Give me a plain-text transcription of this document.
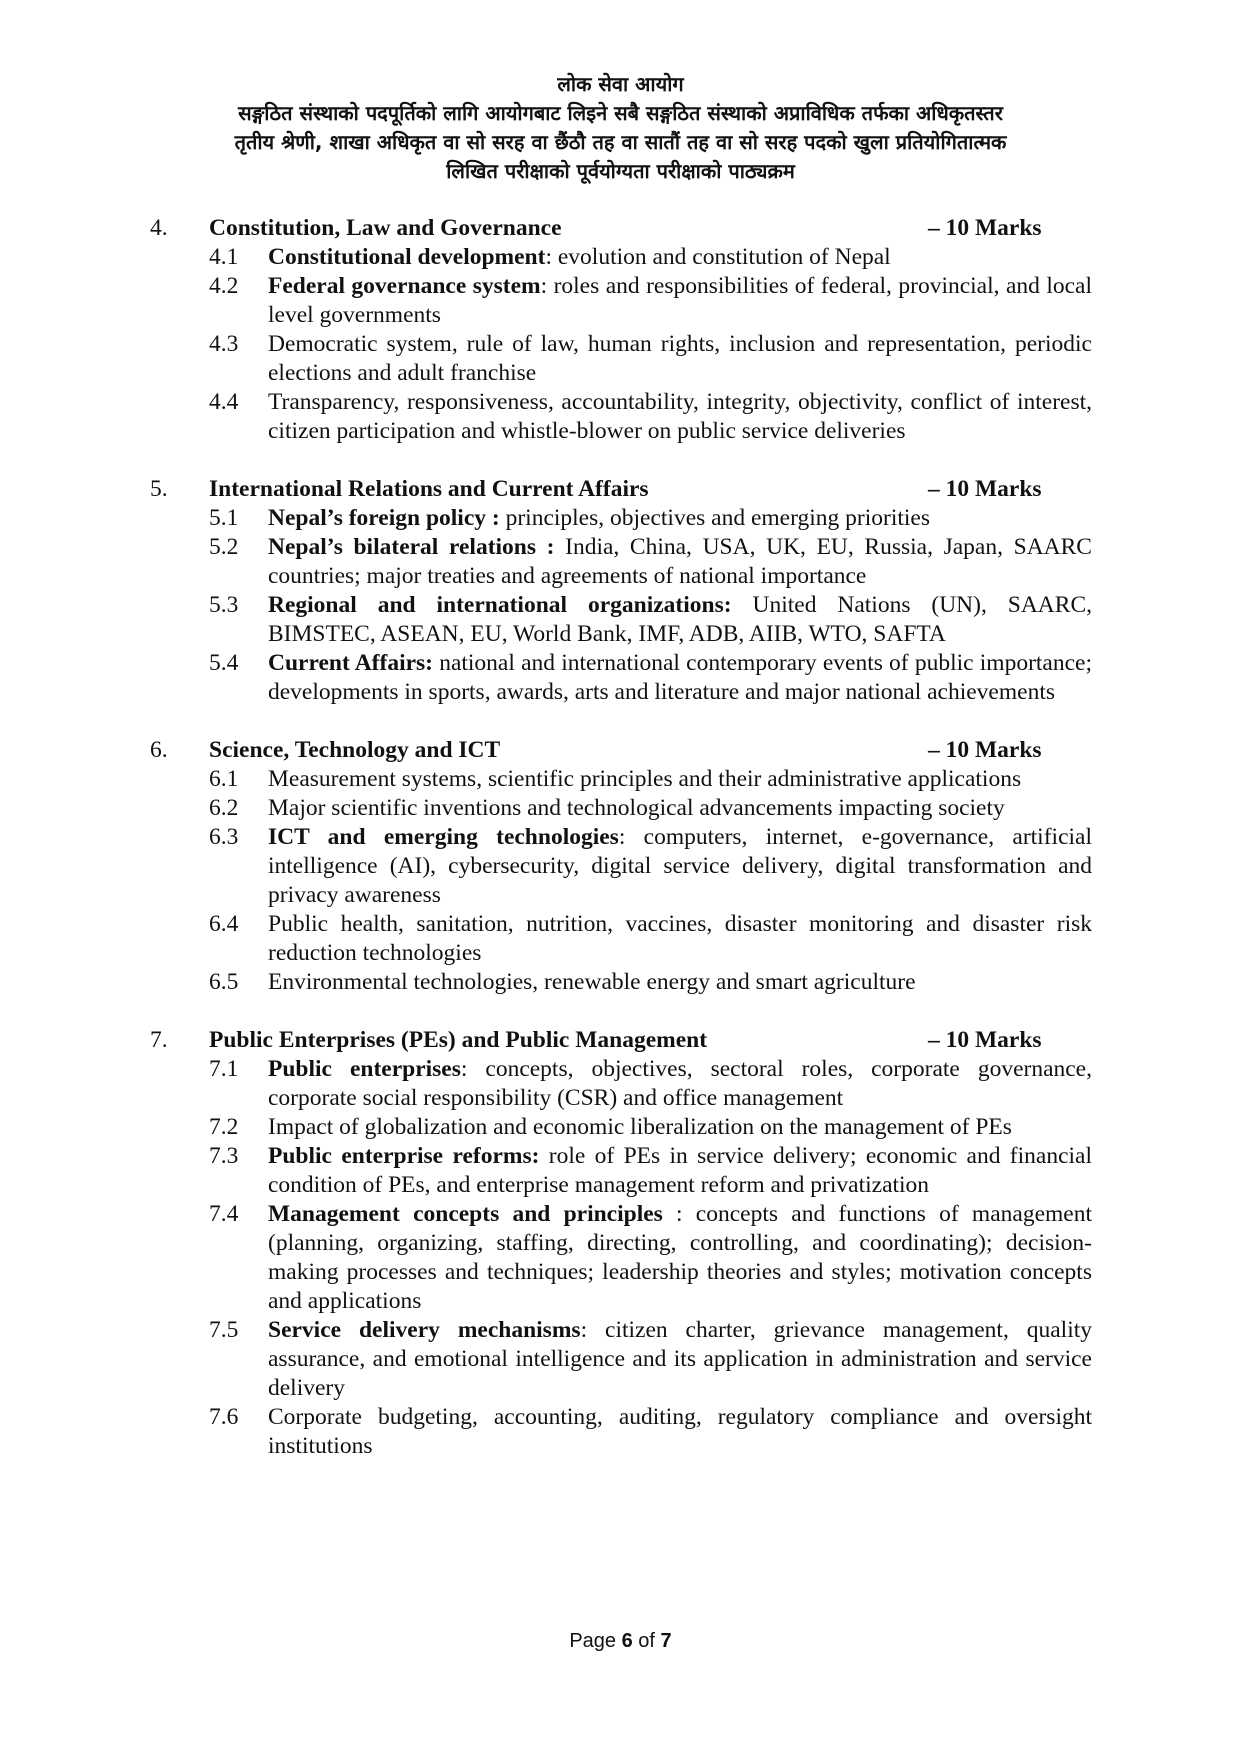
लोक सेवा आयोग
सङ्गठित संस्थाको पदपूर्तिको लागि आयोगबाट लिइने सबै सङ्गठित संस्थाको अप्राविधिक तर्फका अधिकृतस्तर
तृतीय श्रेणी, शाखा अधिकृत वा सो सरह वा छैंठौ तह वा सातौं तह वा सो सरह पदको खुला प्रतियोगितात्मक
लिखित परीक्षाको पूर्वयोग्यता परीक्षाको पाठ्यक्रम
4.	Constitution, Law and Governance	– 10 Marks
4.1	Constitutional development: evolution and constitution of Nepal
4.2	Federal governance system: roles and responsibilities of federal, provincial, and local level governments
4.3	Democratic system, rule of law, human rights, inclusion and representation, periodic elections and adult franchise
4.4	Transparency, responsiveness, accountability, integrity, objectivity, conflict of interest, citizen participation and whistle-blower on public service deliveries
5.	International Relations and Current Affairs	– 10 Marks
5.1	Nepal’s foreign policy : principles, objectives and emerging priorities
5.2	Nepal’s bilateral relations : India, China, USA, UK, EU, Russia, Japan, SAARC countries; major treaties and agreements of national importance
5.3	Regional and international organizations: United Nations (UN), SAARC, BIMSTEC, ASEAN, EU, World Bank, IMF, ADB, AIIB, WTO, SAFTA
5.4	Current Affairs: national and international contemporary events of public importance; developments in sports, awards, arts and literature and major national achievements
6.	Science, Technology and ICT	– 10 Marks
6.1	Measurement systems, scientific principles and their administrative applications
6.2	Major scientific inventions and technological advancements impacting society
6.3	ICT and emerging technologies: computers, internet, e-governance, artificial intelligence (AI), cybersecurity, digital service delivery, digital transformation and privacy awareness
6.4	Public health, sanitation, nutrition, vaccines, disaster monitoring and disaster risk reduction technologies
6.5	Environmental technologies, renewable energy and smart agriculture
7.	Public Enterprises (PEs) and Public Management	– 10 Marks
7.1	Public enterprises: concepts, objectives, sectoral roles, corporate governance, corporate social responsibility (CSR) and office management
7.2	Impact of globalization and economic liberalization on the management of PEs
7.3	Public enterprise reforms: role of PEs in service delivery; economic and financial condition of PEs, and enterprise management reform and privatization
7.4	Management concepts and principles : concepts and functions of management (planning, organizing, staffing, directing, controlling, and coordinating); decision-making processes and techniques; leadership theories and styles; motivation concepts and applications
7.5	Service delivery mechanisms: citizen charter, grievance management, quality assurance, and emotional intelligence and its application in administration and service delivery
7.6	Corporate budgeting, accounting, auditing, regulatory compliance and oversight institutions
Page 6 of 7
